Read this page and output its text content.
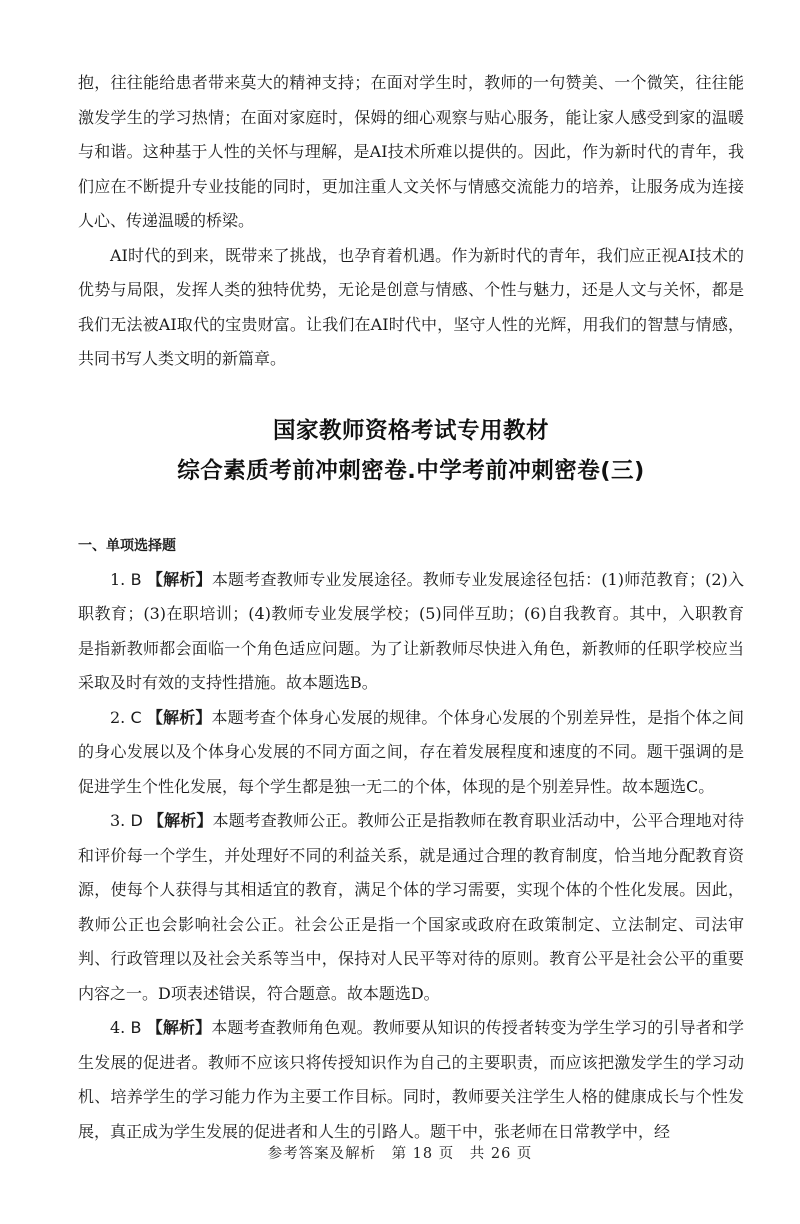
抱，往往能给患者带来莫大的精神支持；在面对学生时，教师的一句赞美、一个微笑，往往能激发学生的学习热情；在面对家庭时，保姆的细心观察与贴心服务，能让家人感受到家的温暖与和谐。这种基于人性的关怀与理解，是AI技术所难以提供的。因此，作为新时代的青年，我们应在不断提升专业技能的同时，更加注重人文关怀与情感交流能力的培养，让服务成为连接人心、传递温暖的桥梁。

AI时代的到来，既带来了挑战，也孕育着机遇。作为新时代的青年，我们应正视AI技术的优势与局限，发挥人类的独特优势，无论是创意与情感、个性与魅力，还是人文与关怀，都是我们无法被AI取代的宝贵财富。让我们在AI时代中，坚守人性的光辉，用我们的智慧与情感，共同书写人类文明的新篇章。

国家教师资格考试专用教材
综合素质考前冲刺密卷.中学考前冲刺密卷(三)
一、单项选择题

1. B 【解析】本题考查教师专业发展途径。教师专业发展途径包括：(1)师范教育；(2)入职教育；(3)在职培训；(4)教师专业发展学校；(5)同伴互助；(6)自我教育。其中，入职教育是指新教师都会面临一个角色适应问题。为了让新教师尽快进入角色，新教师的任职学校应当采取及时有效的支持性措施。故本题选B。

2. C 【解析】本题考查个体身心发展的规律。个体身心发展的个别差异性，是指个体之间的身心发展以及个体身心发展的不同方面之间，存在着发展程度和速度的不同。题干强调的是促进学生个性化发展，每个学生都是独一无二的个体，体现的是个别差异性。故本题选C。

3. D 【解析】本题考查教师公正。教师公正是指教师在教育职业活动中，公平合理地对待和评价每一个学生，并处理好不同的利益关系，就是通过合理的教育制度，恰当地分配教育资源，使每个人获得与其相适宜的教育，满足个体的学习需要，实现个体的个性化发展。因此，教师公正也会影响社会公正。社会公正是指一个国家或政府在政策制定、立法制定、司法审判、行政管理以及社会关系等当中，保持对人民平等对待的原则。教育公平是社会公平的重要内容之一。D项表述错误，符合题意。故本题选D。

4. B 【解析】本题考查教师角色观。教师要从知识的传授者转变为学生学习的引导者和学生发展的促进者。教师不应该只将传授知识作为自己的主要职责，而应该把激发学生的学习动机、培养学生的学习能力作为主要工作目标。同时，教师要关注学生人格的健康成长与个性发展，真正成为学生发展的促进者和人生的引路人。题干中，张老师在日常教学中，经

参考答案及解析　第 18 页　共 26 页
